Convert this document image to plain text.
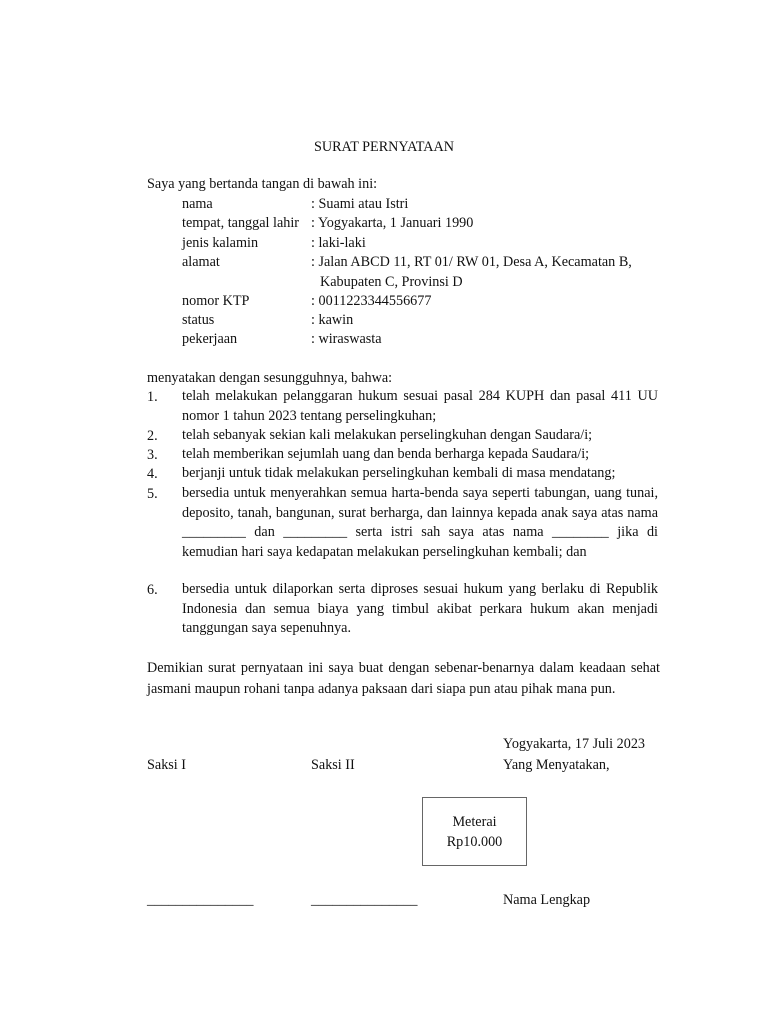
SURAT PERNYATAAN
Saya yang bertanda tangan di bawah ini:
nama	: Suami atau Istri
tempat, tanggal lahir : Yogyakarta, 1 Januari 1990
jenis kalamin	: laki-laki
alamat	: Jalan ABCD 11, RT 01/ RW 01, Desa A, Kecamatan B,
Kabupaten C, Provinsi D
nomor KTP	: 0011223344556677
status	: kawin
pekerjaan	: wiraswasta
menyatakan dengan sesungguhnya, bahwa:
1. telah melakukan pelanggaran hukum sesuai pasal 284 KUPH dan pasal 411 UU nomor 1 tahun 2023 tentang perselingkuhan;
2. telah sebanyak sekian kali melakukan perselingkuhan dengan Saudara/i;
3. telah memberikan sejumlah uang dan benda berharga kepada Saudara/i;
4. berjanji untuk tidak melakukan perselingkuhan kembali di masa mendatang;
5. bersedia untuk menyerahkan semua harta-benda saya seperti tabungan, uang tunai, deposito, tanah, bangunan, surat berharga, dan lainnya kepada anak saya atas nama _________ dan _________ serta istri sah saya atas nama ________ jika di kemudian hari saya kedapatan melakukan perselingkuhan kembali; dan
6. bersedia untuk dilaporkan serta diproses sesuai hukum yang berlaku di Republik Indonesia dan semua biaya yang timbul akibat perkara hukum akan menjadi tanggungan saya sepenuhnya.
Demikian surat pernyataan ini saya buat dengan sebenar-benarnya dalam keadaan sehat jasmani maupun rohani tanpa adanya paksaan dari siapa pun atau pihak mana pun.
Yogyakarta, 17 Juli 2023
Saksi I	Saksi II	Yang Menyatakan,
Meterai
Rp10.000
_______________	_______________	Nama Lengkap
